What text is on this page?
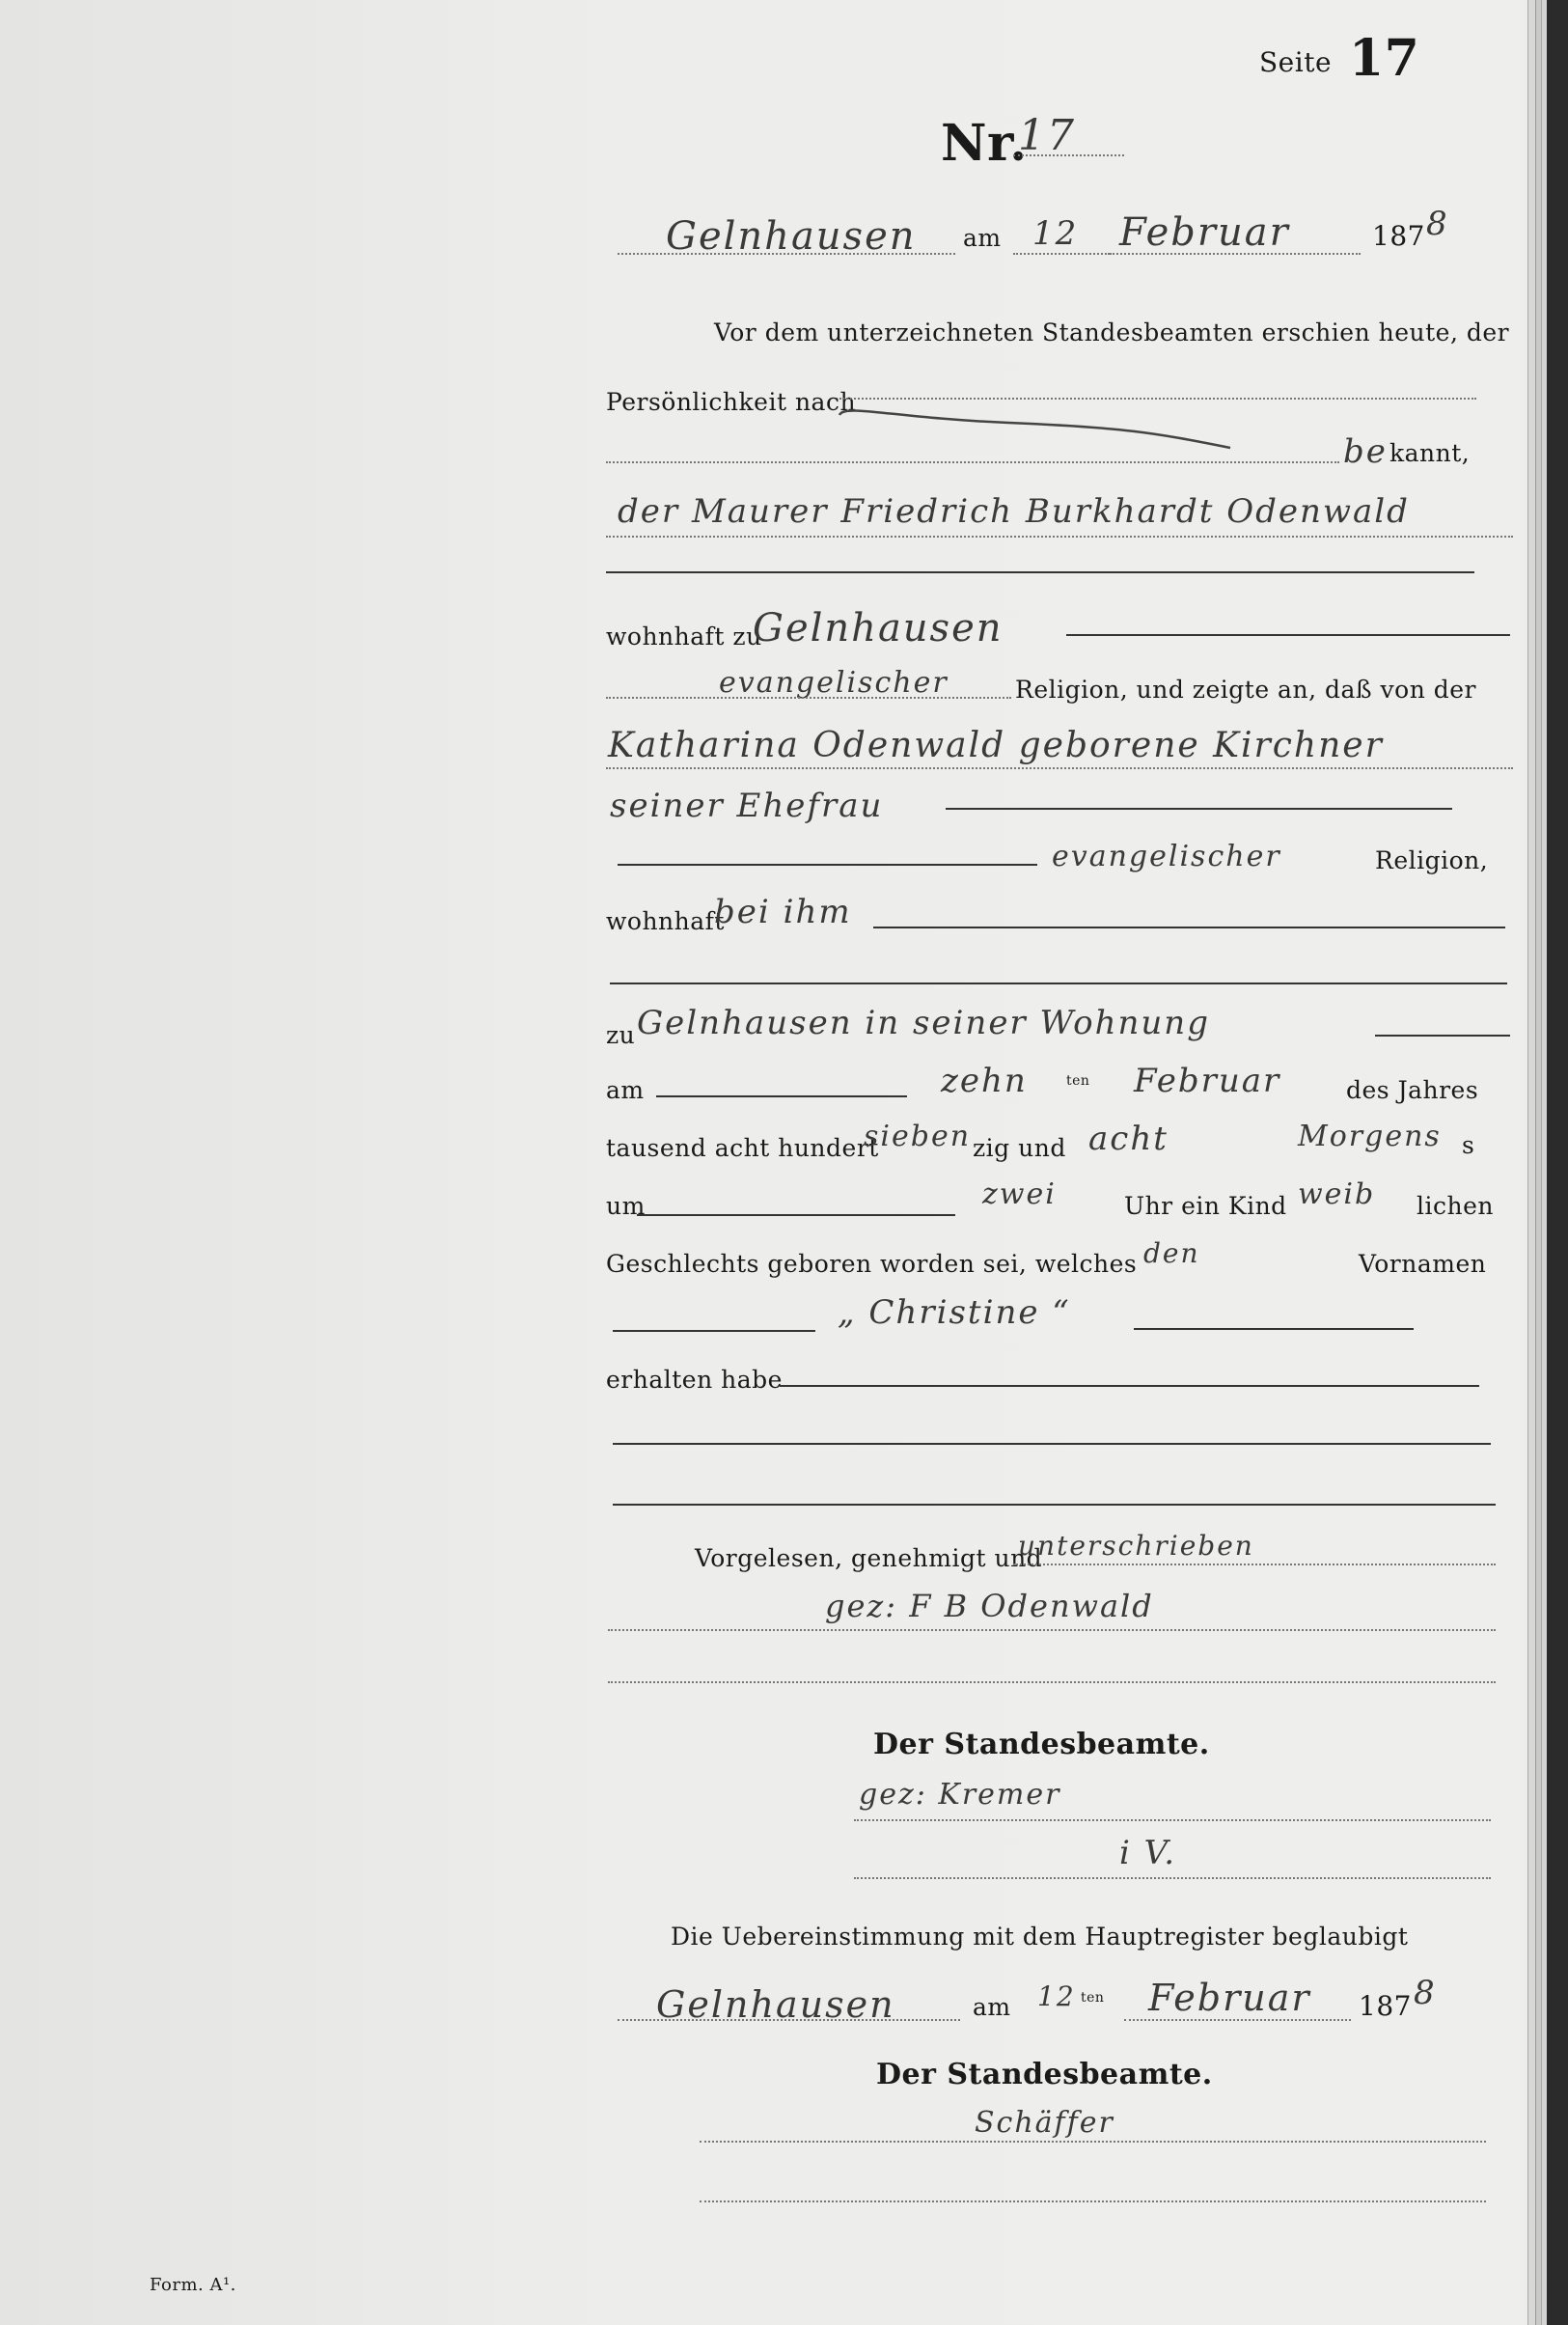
Seite 17
Nr.
17
Gelnhausen am 12 Februar	187 8
Vor dem unterzeichneten Standesbeamten erschien heute, der
Persönlichkeit nach
be kannt,
der Maurer Friedrich Burkhardt Odenwald
wohnhaft zu
Gelnhausen
evangelischer	Religion, und zeigte an, daß von der
Katharina Odenwald geborene Kirchner
seiner Ehefrau
evangelischer	Religion,
wohnhaft
bei ihm
zu Gelnhausen in seiner Wohnung
am	zehn	ten Februar	des Jahres
tausend acht hundert
sieben zig und acht	Morgens s
um	zwei	Uhr ein Kind weib lichen
Geschlechts geboren worden sei, welches den	Vornamen
„ Christine “
erhalten habe
Vorgelesen, genehmigt und
unterschrieben
gez: F B Odenwald
Der Standesbeamte.
gez: Kremer
i V.
Die Uebereinstimmung mit dem Hauptregister beglaubigt
Gelnhausen	am 12 ten Februar 187 8
Der Standesbeamte.
Schäffer
Form. A¹.
